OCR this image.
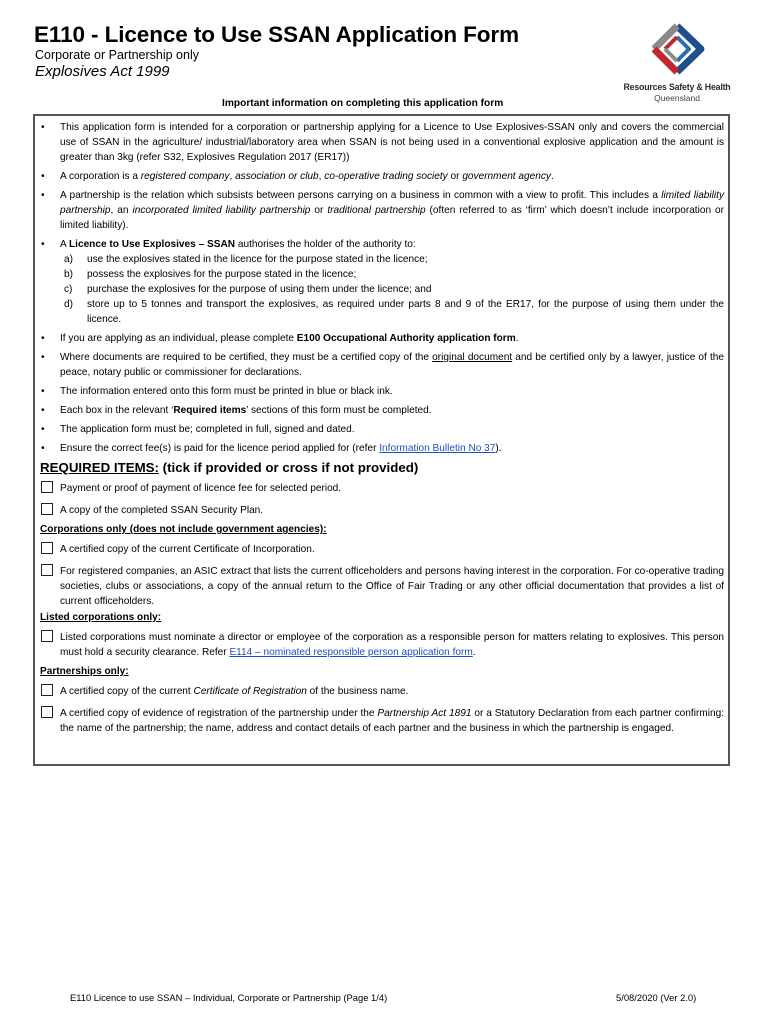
E110 - Licence to Use SSAN Application Form
Corporate or Partnership only
Explosives Act 1999
Resources Safety & Health
Queensland
Important information on completing this application form
• This application form is intended for a corporation or partnership applying for a Licence to Use Explosives-SSAN only and covers the commercial use of SSAN in the agriculture/ industrial/laboratory area when SSAN is not being used in a conventional explosive application and the amount is greater than 3kg (refer S32, Explosives Regulation 2017 (ER17))
• A corporation is a registered company, association or club, co-operative trading society or government agency.
• A partnership is the relation which subsists between persons carrying on a business in common with a view to profit. This includes a limited liability partnership, an incorporated limited liability partnership or traditional partnership (often referred to as ‘firm’ which doesn’t include incorporation or limited liability).
• A Licence to Use Explosives – SSAN authorises the holder of the authority to:
a) use the explosives stated in the licence for the purpose stated in the licence;
b) possess the explosives for the purpose stated in the licence;
c) purchase the explosives for the purpose of using them under the licence; and
d) store up to 5 tonnes and transport the explosives, as required under parts 8 and 9 of the ER17, for the purpose of using them under the licence.
• If you are applying as an individual, please complete E100 Occupational Authority application form.
• Where documents are required to be certified, they must be a certified copy of the original document and be certified only by a lawyer, justice of the peace, notary public or commissioner for declarations.
• The information entered onto this form must be printed in blue or black ink.
• Each box in the relevant ‘Required items’ sections of this form must be completed.
• The application form must be; completed in full, signed and dated.
• Ensure the correct fee(s) is paid for the licence period applied for (refer Information Bulletin No 37).
REQUIRED ITEMS: (tick if provided or cross if not provided)
Payment or proof of payment of licence fee for selected period.
A copy of the completed SSAN Security Plan.
Corporations only (does not include government agencies):
A certified copy of the current Certificate of Incorporation.
For registered companies, an ASIC extract that lists the current officeholders and persons having interest in the corporation. For co-operative trading societies, clubs or associations, a copy of the annual return to the Office of Fair Trading or any other official documentation that provides a list of current officeholders.
Listed corporations only:
Listed corporations must nominate a director or employee of the corporation as a responsible person for matters relating to explosives. This person must hold a security clearance. Refer E114 – nominated responsible person application form.
Partnerships only:
A certified copy of the current Certificate of Registration of the business name.
A certified copy of evidence of registration of the partnership under the Partnership Act 1891 or a Statutory Declaration from each partner confirming: the name of the partnership; the name, address and contact details of each partner and the business in which the partnership is engaged.
E110 Licence to use SSAN – Individual, Corporate or Partnership (Page 1/4)	5/08/2020 (Ver 2.0)
